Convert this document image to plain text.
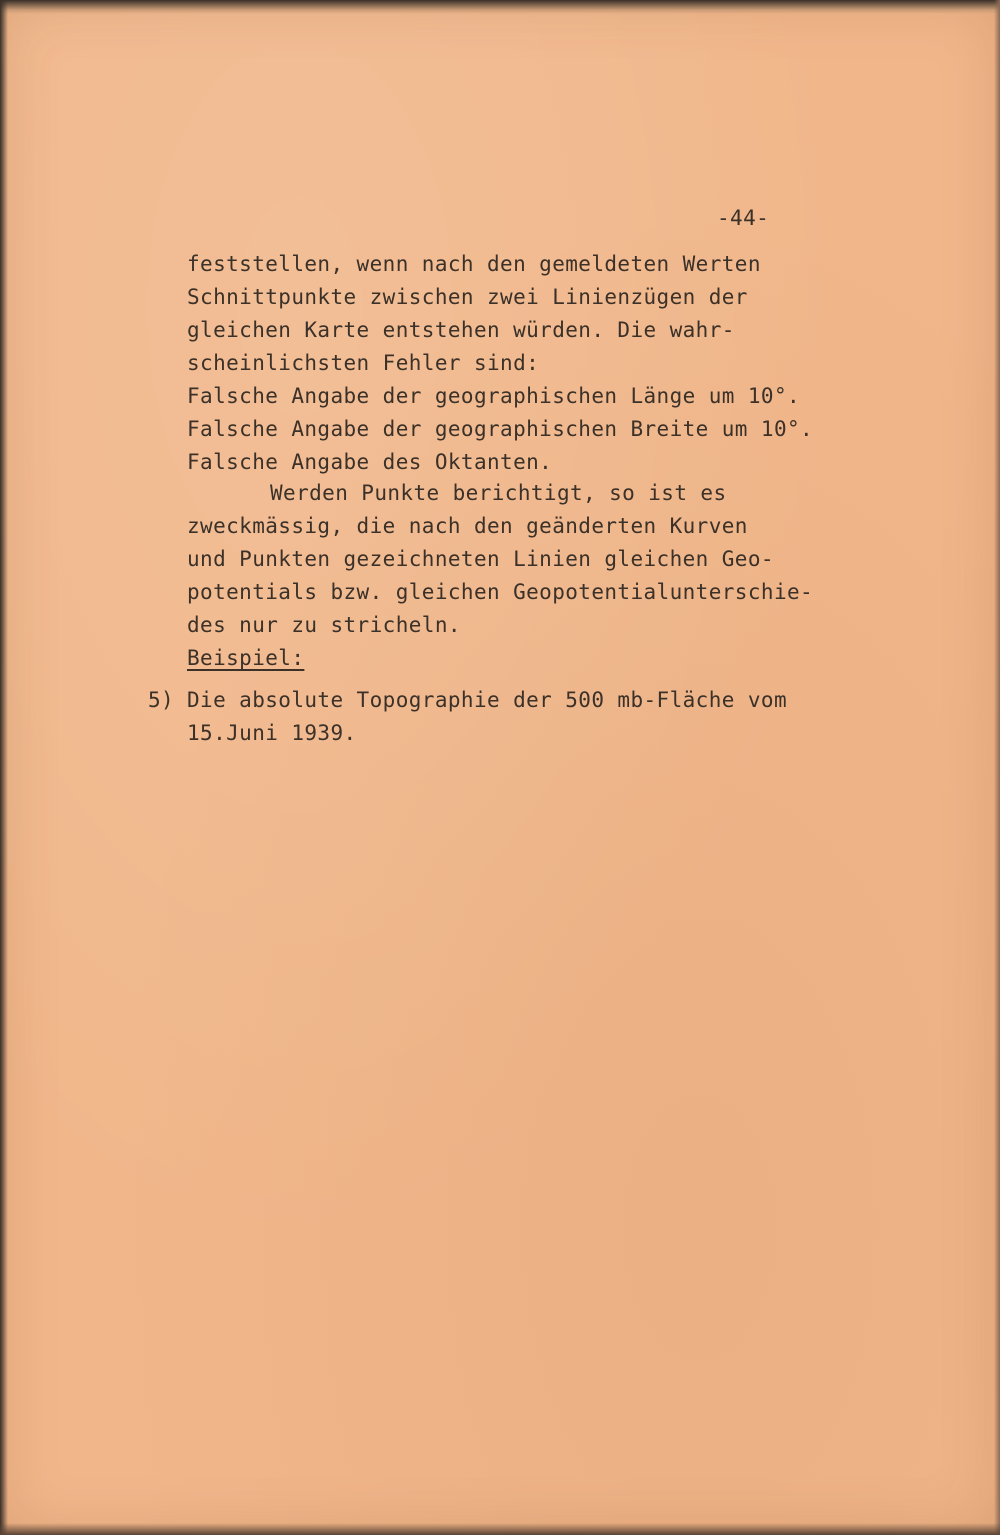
-44-
feststellen, wenn nach den gemeldeten Werten
Schnittpunkte zwischen zwei Linienzügen der
gleichen Karte entstehen würden. Die wahr-
scheinlichsten Fehler sind:
Falsche Angabe der geographischen Länge um 10°.
Falsche Angabe der geographischen Breite um 10°.
Falsche Angabe des Oktanten.
Werden Punkte berichtigt, so ist es
zweckmässig, die nach den geänderten Kurven
und Punkten gezeichneten Linien gleichen Geo-
potentials bzw. gleichen Geopotentialunterschie-
des nur zu stricheln.
Beispiel:
5) Die absolute Topographie der 500 mb-Fläche vom
15.Juni 1939.
